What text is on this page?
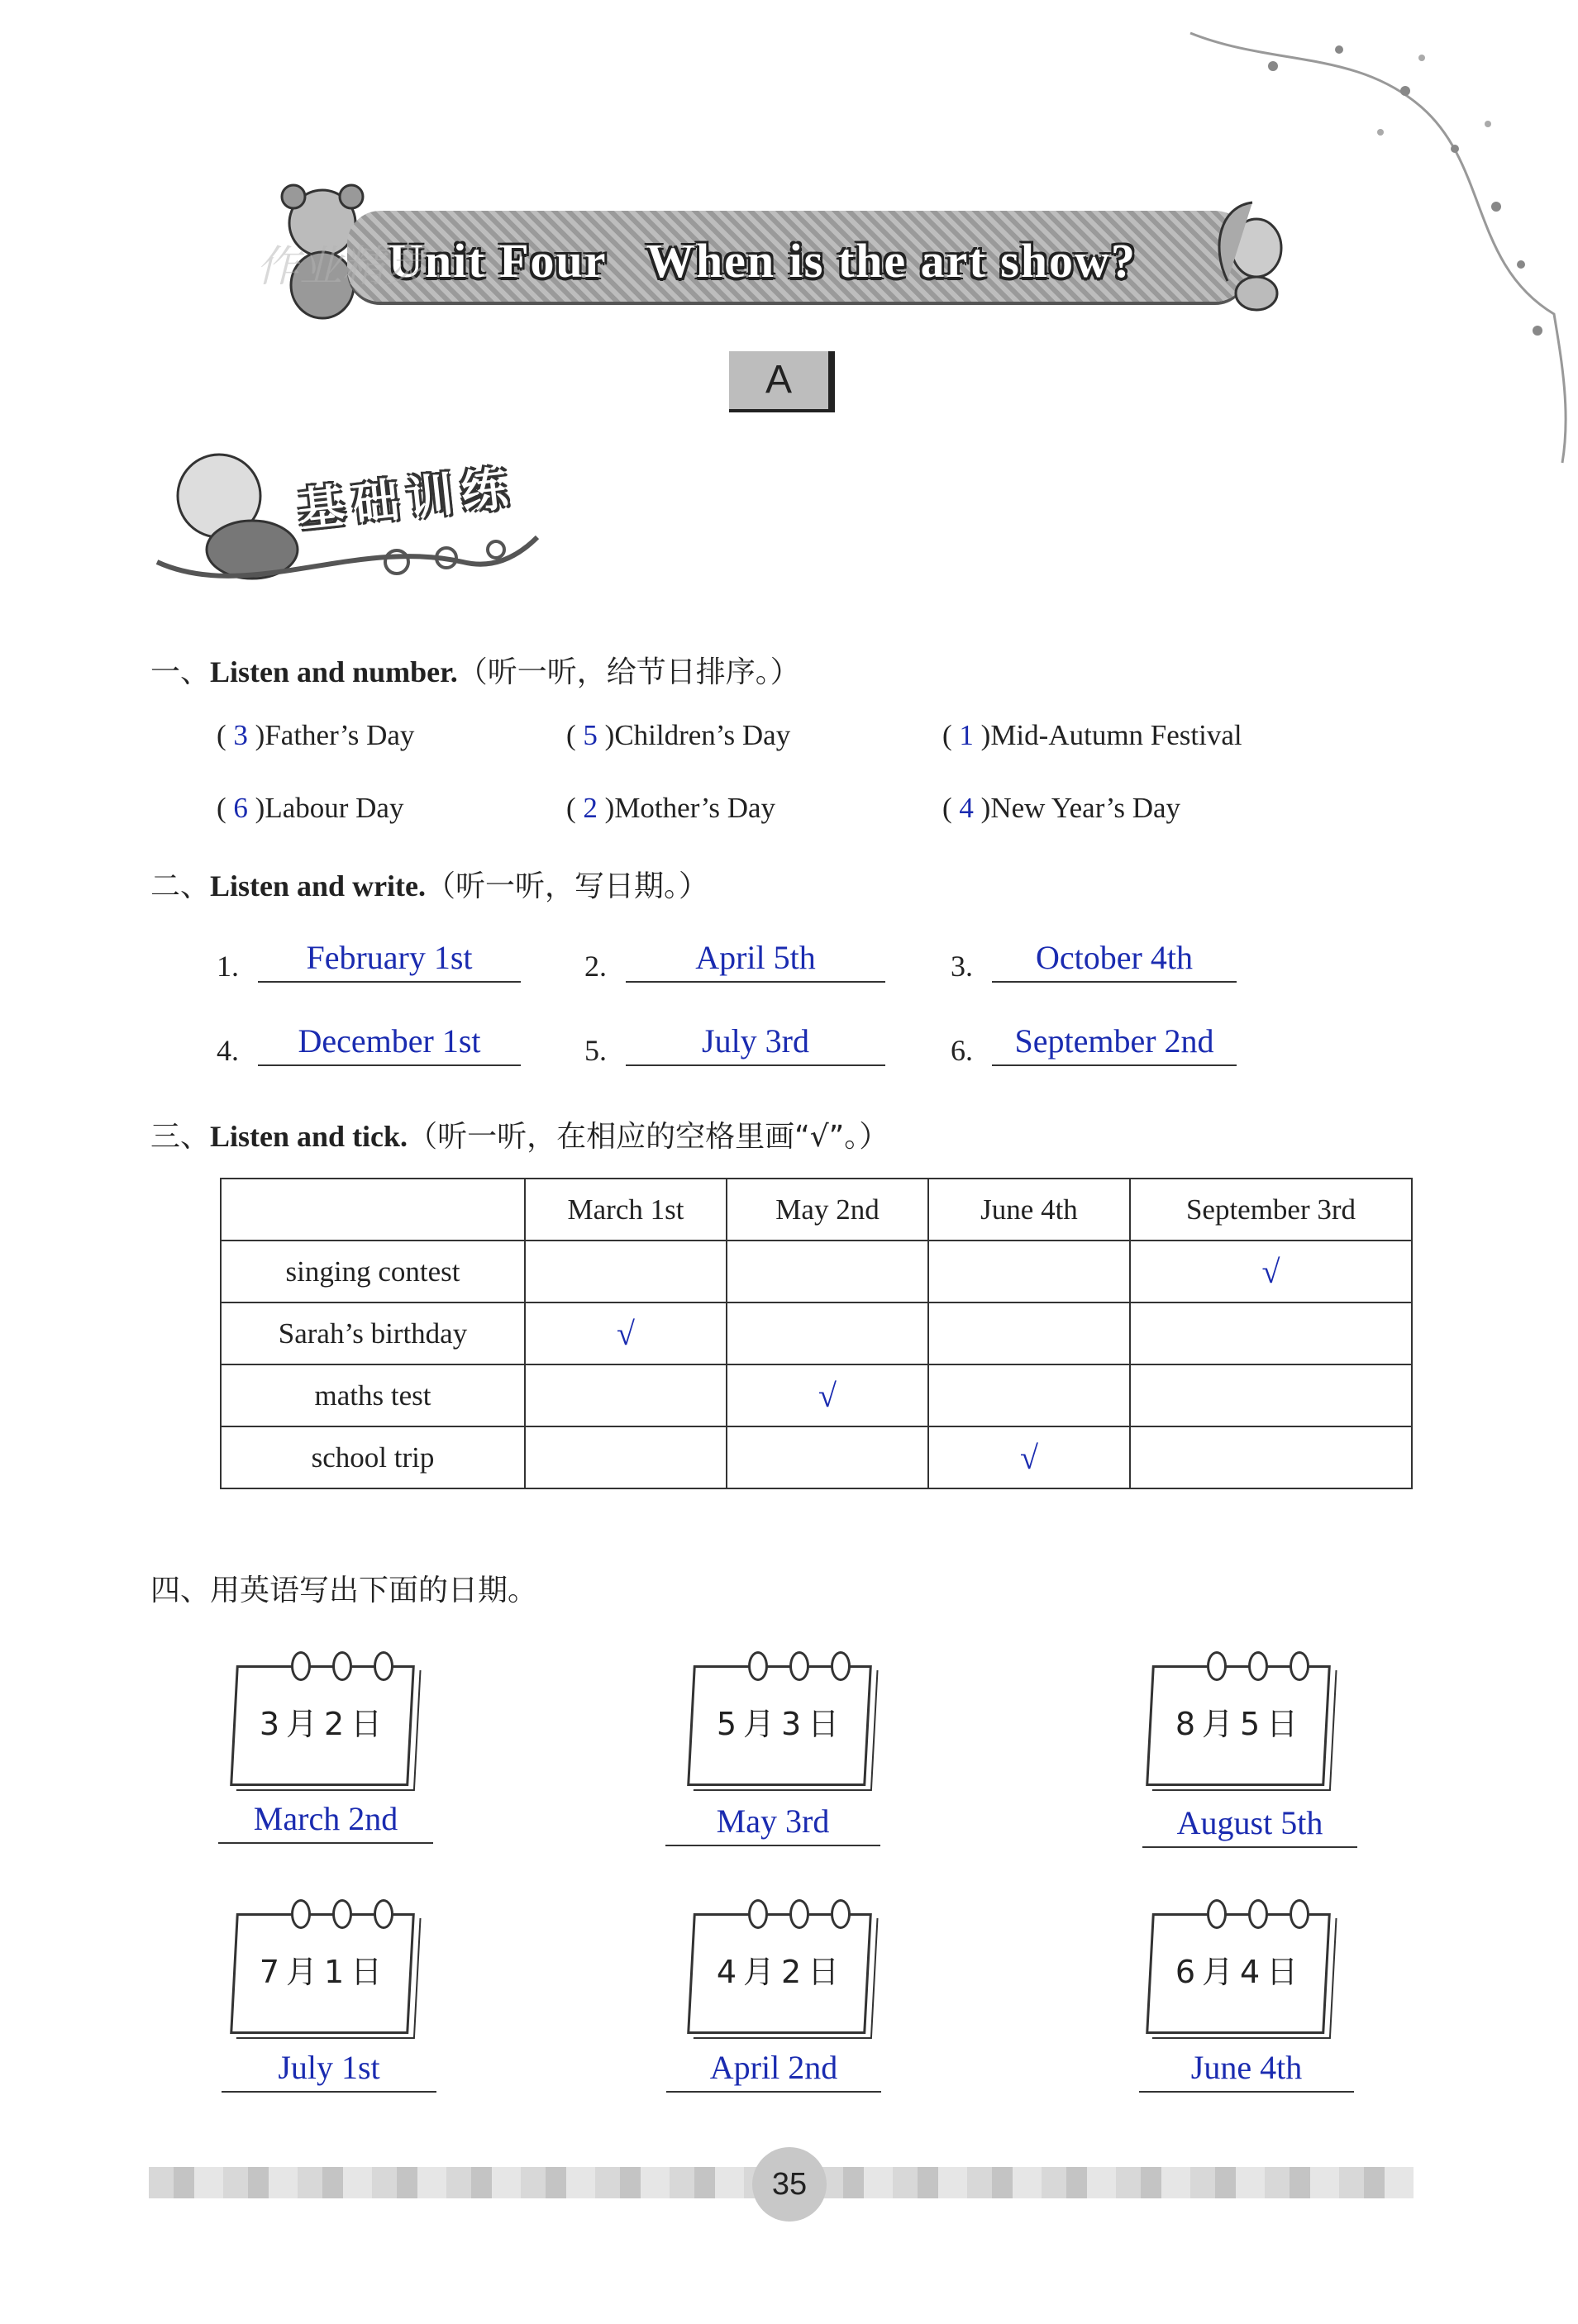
Unit Four   When is the art show?
作业精灵
A
基础训练
一、Listen and number.（听一听，给节日排序。）
( 3 )Father’s Day	( 5 )Children’s Day	( 1 )Mid-Autumn Festival
( 6 )Labour Day	( 2 )Mother’s Day	( 4 )New Year’s Day
二、Listen and write.（听一听，写日期。）
1.	February 1st	2.	April 5th	3.	October 4th
4.	December 1st	5.	July 3rd	6.	September 2nd
三、Listen and tick.（听一听，在相应的空格里画“√”。）
	March 1st	May 2nd	June 4th	September 3rd
singing contest				√
Sarah’s birthday	√			
maths test		√		
school trip			√	
四、用英语写出下面的日期。
3月2日
March 2nd
5月3日
May 3rd
8月5日
August 5th
7月1日
July 1st
4月2日
April 2nd
6月4日
June 4th
35
